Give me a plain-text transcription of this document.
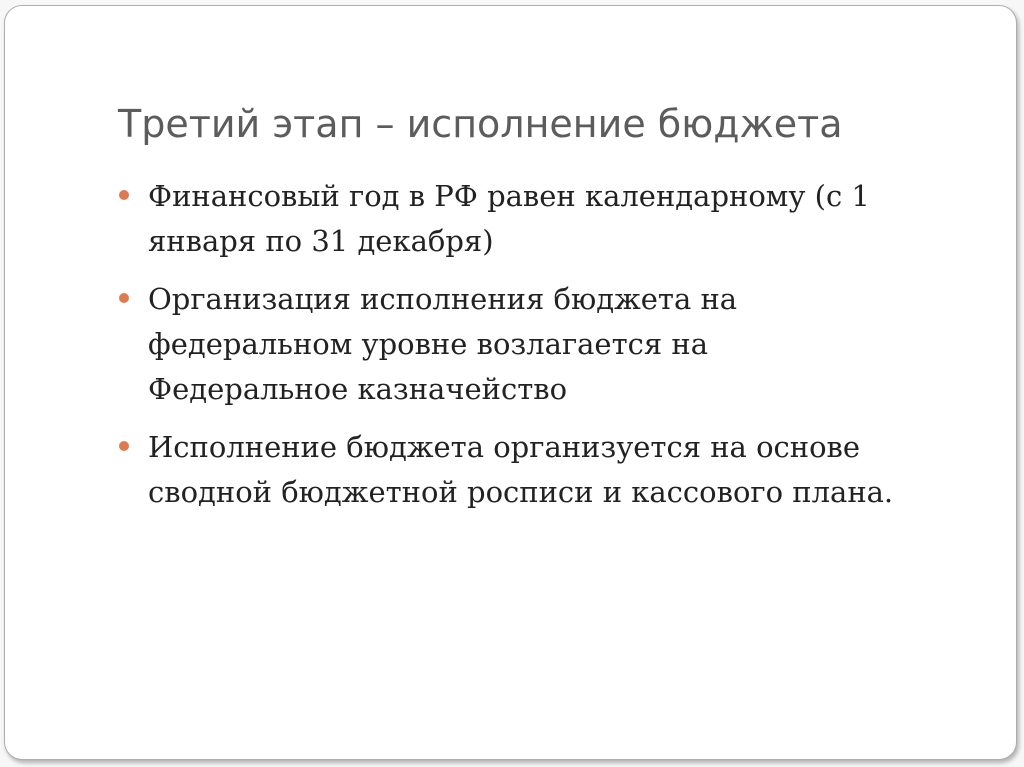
Третий этап – исполнение бюджета
Финансовый год в РФ равен календарному (с 1
января по 31 декабря)
Организация исполнения бюджета на
федеральном уровне возлагается на
Федеральное казначейство
Исполнение бюджета организуется на основе
сводной бюджетной росписи и кассового плана.
